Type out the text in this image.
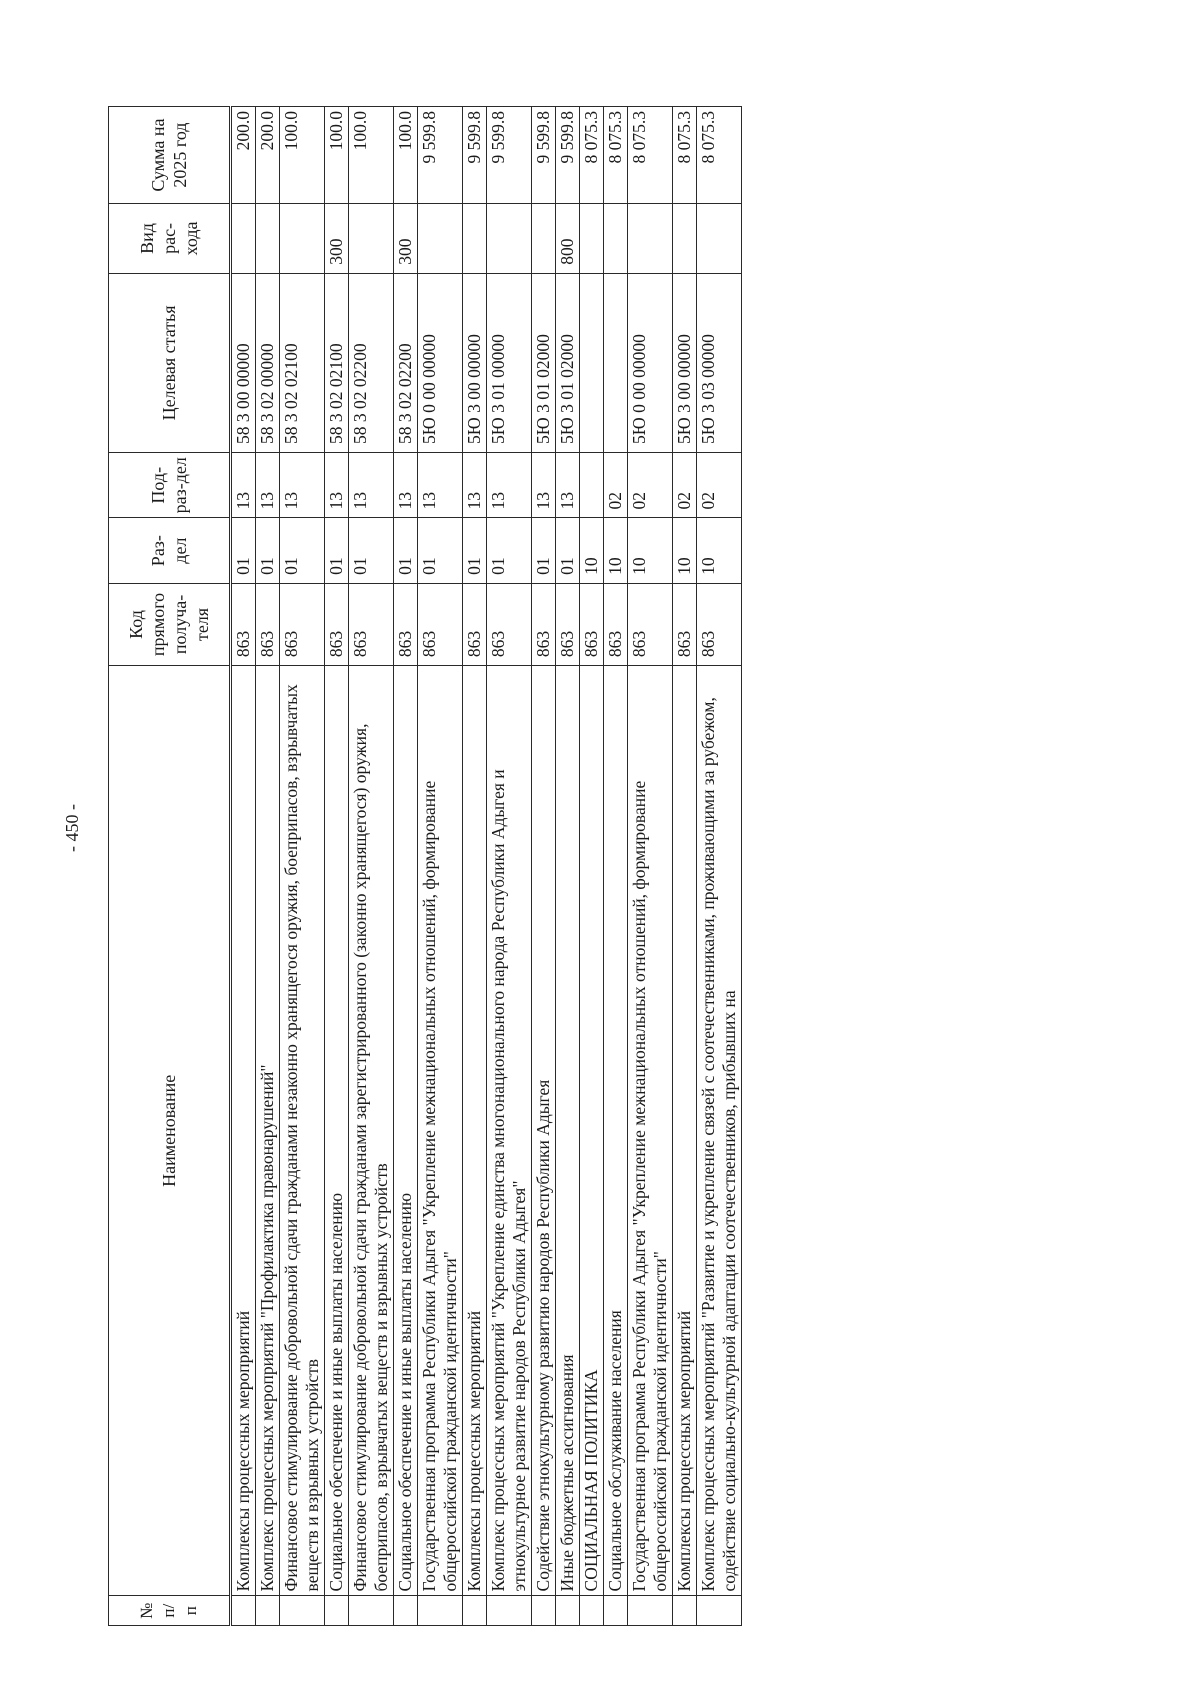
- 450 -
№ п/п	Наименование	Код прямого получа-теля	Раз-дел	Под-раз-дел	Целевая статья	Вид рас-хода	Сумма на 2025 год
	Комплексы процессных мероприятий	863	01	13	58 3 00 00000		200.0
	Комплекс процессных мероприятий "Профилактика правонарушений"	863	01	13	58 3 02 00000		200.0
	Финансовое стимулирование добровольной сдачи гражданами незаконно хранящегося оружия, боеприпасов, взрывчатых веществ и взрывных устройств	863	01	13	58 3 02 02100		100.0
	Социальное обеспечение и иные выплаты населению	863	01	13	58 3 02 02100	300	100.0
	Финансовое стимулирование добровольной сдачи гражданами зарегистрированного (законно хранящегося) оружия, боеприпасов, взрывчатых веществ и взрывных устройств	863	01	13	58 3 02 02200		100.0
	Социальное обеспечение и иные выплаты населению	863	01	13	58 3 02 02200	300	100.0
	Государственная программа Республики Адыгея "Укрепление межнациональных отношений, формирование общероссийской гражданской идентичности"	863	01	13	5Ю 0 00 00000		9 599.8
	Комплексы процессных мероприятий	863	01	13	5Ю 3 00 00000		9 599.8
	Комплекс процессных мероприятий "Укрепление единства многонационального народа Республики Адыгея и этнокультурное развитие народов Республики Адыгея"	863	01	13	5Ю 3 01 00000		9 599.8
	Содействие этнокультурному развитию народов Республики Адыгея	863	01	13	5Ю 3 01 02000		9 599.8
	Иные бюджетные ассигнования	863	01	13	5Ю 3 01 02000	800	9 599.8
	СОЦИАЛЬНАЯ ПОЛИТИКА	863	10				8 075.3
	Социальное обслуживание населения	863	10	02			8 075.3
	Государственная программа Республики Адыгея "Укрепление межнациональных отношений, формирование общероссийской гражданской идентичности"	863	10	02	5Ю 0 00 00000		8 075.3
	Комплексы процессных мероприятий	863	10	02	5Ю 3 00 00000		8 075.3
	Комплекс процессных мероприятий "Развитие и укрепление связей с соотечественниками, проживающими за рубежом, содействие социально-культурной адаптации соотечественников, прибывших на	863	10	02	5Ю 3 03 00000		8 075.3
